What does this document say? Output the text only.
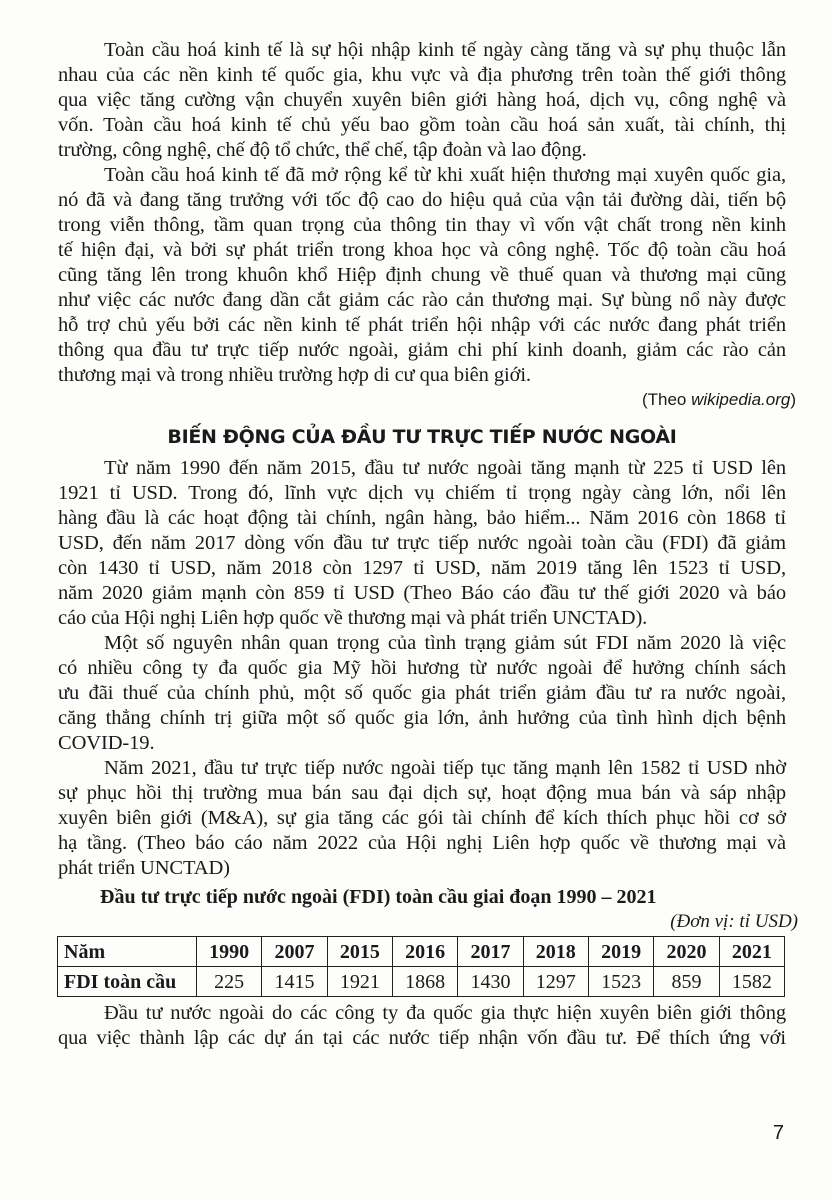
Toàn cầu hoá kinh tế là sự hội nhập kinh tế ngày càng tăng và sự phụ thuộc lẫn
nhau của các nền kinh tế quốc gia, khu vực và địa phương trên toàn thế giới thông
qua việc tăng cường vận chuyển xuyên biên giới hàng hoá, dịch vụ, công nghệ và
vốn. Toàn cầu hoá kinh tế chủ yếu bao gồm toàn cầu hoá sản xuất, tài chính, thị
trường, công nghệ, chế độ tổ chức, thể chế, tập đoàn và lao động.
Toàn cầu hoá kinh tế đã mở rộng kể từ khi xuất hiện thương mại xuyên quốc gia,
nó đã và đang tăng trưởng với tốc độ cao do hiệu quả của vận tải đường dài, tiến bộ
trong viễn thông, tầm quan trọng của thông tin thay vì vốn vật chất trong nền kinh
tế hiện đại, và bởi sự phát triển trong khoa học và công nghệ. Tốc độ toàn cầu hoá
cũng tăng lên trong khuôn khổ Hiệp định chung về thuế quan và thương mại cũng
như việc các nước đang dần cắt giảm các rào cản thương mại. Sự bùng nổ này được
hỗ trợ chủ yếu bởi các nền kinh tế phát triển hội nhập với các nước đang phát triển
thông qua đầu tư trực tiếp nước ngoài, giảm chi phí kinh doanh, giảm các rào cản
thương mại và trong nhiều trường hợp di cư qua biên giới.
(Theo wikipedia.org)
BIẾN ĐỘNG CỦA ĐẦU TƯ TRỰC TIẾP NƯỚC NGOÀI
Từ năm 1990 đến năm 2015, đầu tư nước ngoài tăng mạnh từ 225 tỉ USD lên
1921 tỉ USD. Trong đó, lĩnh vực dịch vụ chiếm tỉ trọng ngày càng lớn, nổi lên
hàng đầu là các hoạt động tài chính, ngân hàng, bảo hiểm... Năm 2016 còn 1868 tỉ
USD, đến năm 2017 dòng vốn đầu tư trực tiếp nước ngoài toàn cầu (FDI) đã giảm
còn 1430 tỉ USD, năm 2018 còn 1297 tỉ USD, năm 2019 tăng lên 1523 tỉ USD,
năm 2020 giảm mạnh còn 859 tỉ USD (Theo Báo cáo đầu tư thế giới 2020 và báo
cáo của Hội nghị Liên hợp quốc về thương mại và phát triển UNCTAD).
Một số nguyên nhân quan trọng của tình trạng giảm sút FDI năm 2020 là việc
có nhiều công ty đa quốc gia Mỹ hồi hương từ nước ngoài để hưởng chính sách
ưu đãi thuế của chính phủ, một số quốc gia phát triển giảm đầu tư ra nước ngoài,
căng thẳng chính trị giữa một số quốc gia lớn, ảnh hưởng của tình hình dịch bệnh
COVID-19.
Năm 2021, đầu tư trực tiếp nước ngoài tiếp tục tăng mạnh lên 1582 tỉ USD nhờ
sự phục hồi thị trường mua bán sau đại dịch sự, hoạt động mua bán và sáp nhập
xuyên biên giới (M&A), sự gia tăng các gói tài chính để kích thích phục hồi cơ sở
hạ tầng. (Theo báo cáo năm 2022 của Hội nghị Liên hợp quốc về thương mại và
phát triển UNCTAD)
Đầu tư trực tiếp nước ngoài (FDI) toàn cầu giai đoạn 1990 – 2021
(Đơn vị: tỉ USD)
Năm	1990	2007	2015	2016	2017	2018	2019	2020	2021
FDI toàn cầu	225	1415	1921	1868	1430	1297	1523	859	1582
Đầu tư nước ngoài do các công ty đa quốc gia thực hiện xuyên biên giới thông
qua việc thành lập các dự án tại các nước tiếp nhận vốn đầu tư. Để thích ứng với
7
